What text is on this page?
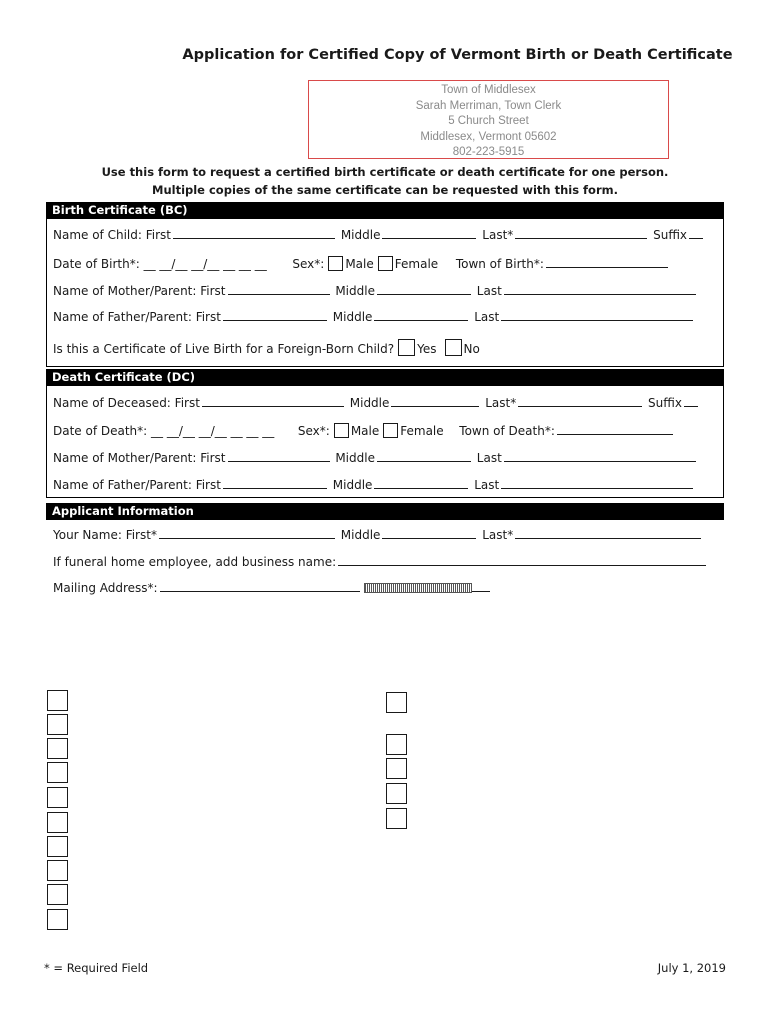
Application for Certified Copy of Vermont Birth or Death Certificate
Town of Middlesex
Sarah Merriman, Town Clerk
5 Church Street
Middlesex, Vermont 05602
802-223-5915
Use this form to request a certified birth certificate or death certificate for one person.
Multiple copies of the same certificate can be requested with this form.
Birth Certificate (BC)
Name of Child: First	Middle	Last*	Suffix
Date of Birth*: __ __/__ __/__ __ __ __ Sex*: Male Female Town of Birth*:
Name of Mother/Parent: First	Middle	Last
Name of Father/Parent: First	Middle	Last
Is this a Certificate of Live Birth for a Foreign-Born Child? Yes No
Death Certificate (DC)
Name of Deceased: First	Middle	Last*	Suffix
Date of Death*: __ __/__ __/__ __ __ __ Sex*: Male Female Town of Death*:
Name of Mother/Parent: First	Middle	Last
Name of Father/Parent: First	Middle	Last
Applicant Information
Your Name: First*	Middle	Last*
If funeral home employee, add business name:
Mailing Address*:
* = Required Field	July 1, 2019
